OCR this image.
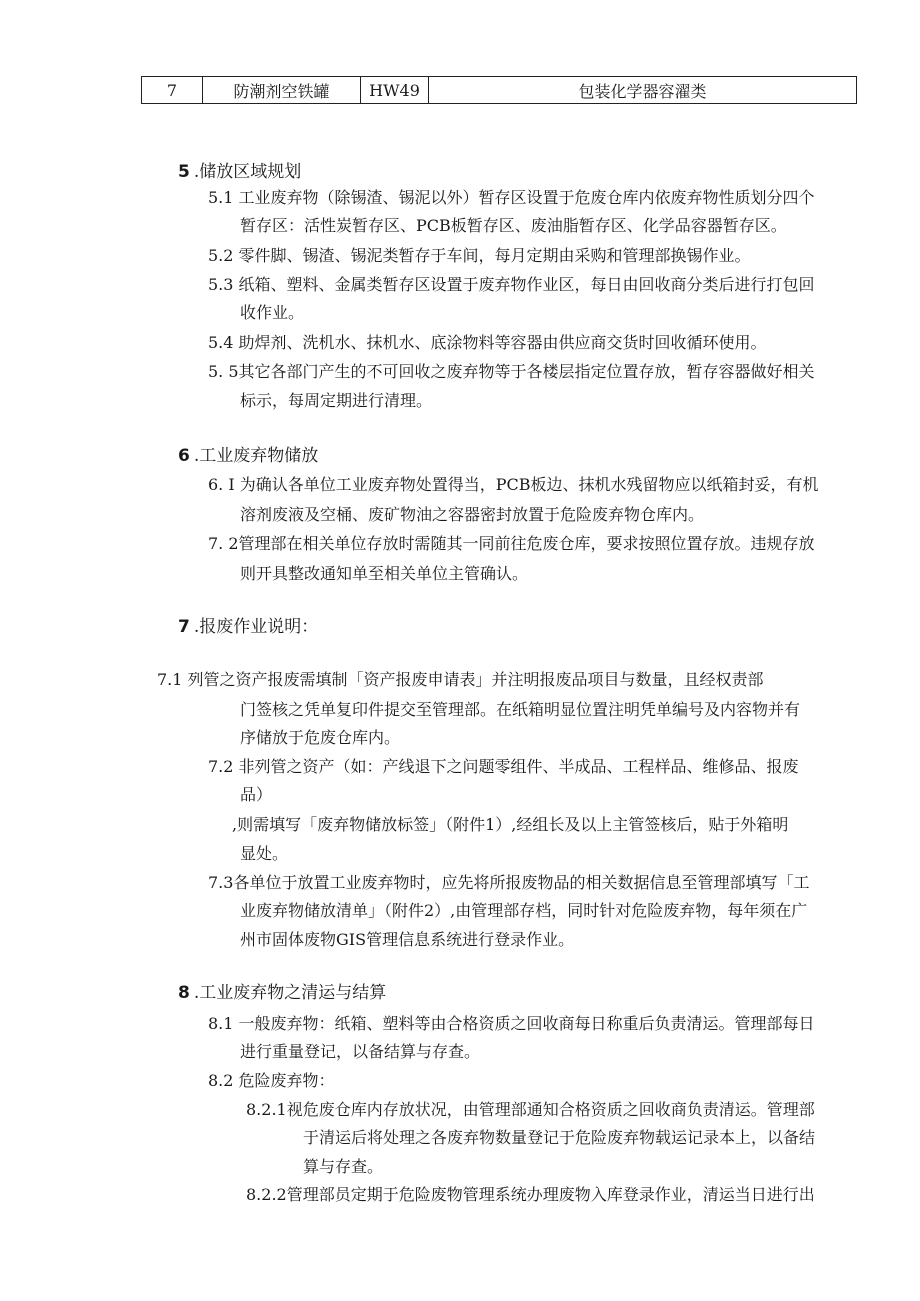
7	防潮剂空铁罐	HW49	包装化学器容濯类
5 .储放区域规划
5.1 工业废弃物（除锡渣、锡泥以外）暂存区设置于危废仓库内依废弃物性质划分四个
暂存区：活性炭暂存区、PCB板暂存区、废油脂暂存区、化学品容器暂存区。
5.2 零件脚、锡渣、锡泥类暂存于车间，每月定期由采购和管理部换锡作业。
5.3 纸箱、塑料、金属类暂存区设置于废弃物作业区，每日由回收商分类后进行打包回
收作业。
5.4 助焊剂、洗机水、抹机水、底涂物料等容器由供应商交货时回收循环使用。
5. 5其它各部门产生的不可回收之废弃物等于各楼层指定位置存放，暂存容器做好相关
标示，每周定期进行清理。
6 .工业废弃物储放
6. I 为确认各单位工业废弃物处置得当，PCB板边、抹机水残留物应以纸箱封妥，有机
溶剂废液及空桶、废矿物油之容器密封放置于危险废弃物仓库内。
7. 2管理部在相关单位存放时需随其一同前往危废仓库，要求按照位置存放。违规存放
则开具整改通知单至相关单位主管确认。
7 .报废作业说明：
7.1 列管之资产报废需填制「资产报废申请表」并注明报废品项目与数量，且经权责部
门签核之凭单复印件提交至管理部。在纸箱明显位置注明凭单编号及内容物并有
序储放于危废仓库内。
7.2 非列管之资产（如：产线退下之问题零组件、半成品、工程样品、维修品、报废
品）
,则需填写「废弃物储放标签」（附件1）,经组长及以上主管签核后，贴于外箱明
显处。
7.3各单位于放置工业废弃物时，应先将所报废物品的相关数据信息至管理部填写「工
业废弃物储放清单」（附件2）,由管理部存档，同时针对危险废弃物，每年须在广
州市固体废物GIS管理信息系统进行登录作业。
8 .工业废弃物之清运与结算
8.1 一般废弃物：纸箱、塑料等由合格资质之回收商每日称重后负责清运。管理部每日
进行重量登记，以备结算与存查。
8.2 危险废弃物：
8.2.1视危废仓库内存放状况，由管理部通知合格资质之回收商负责清运。管理部
于清运后将处理之各废弃物数量登记于危险废弃物载运记录本上，以备结
算与存查。
8.2.2管理部员定期于危险废物管理系统办理废物入库登录作业，清运当日进行出
